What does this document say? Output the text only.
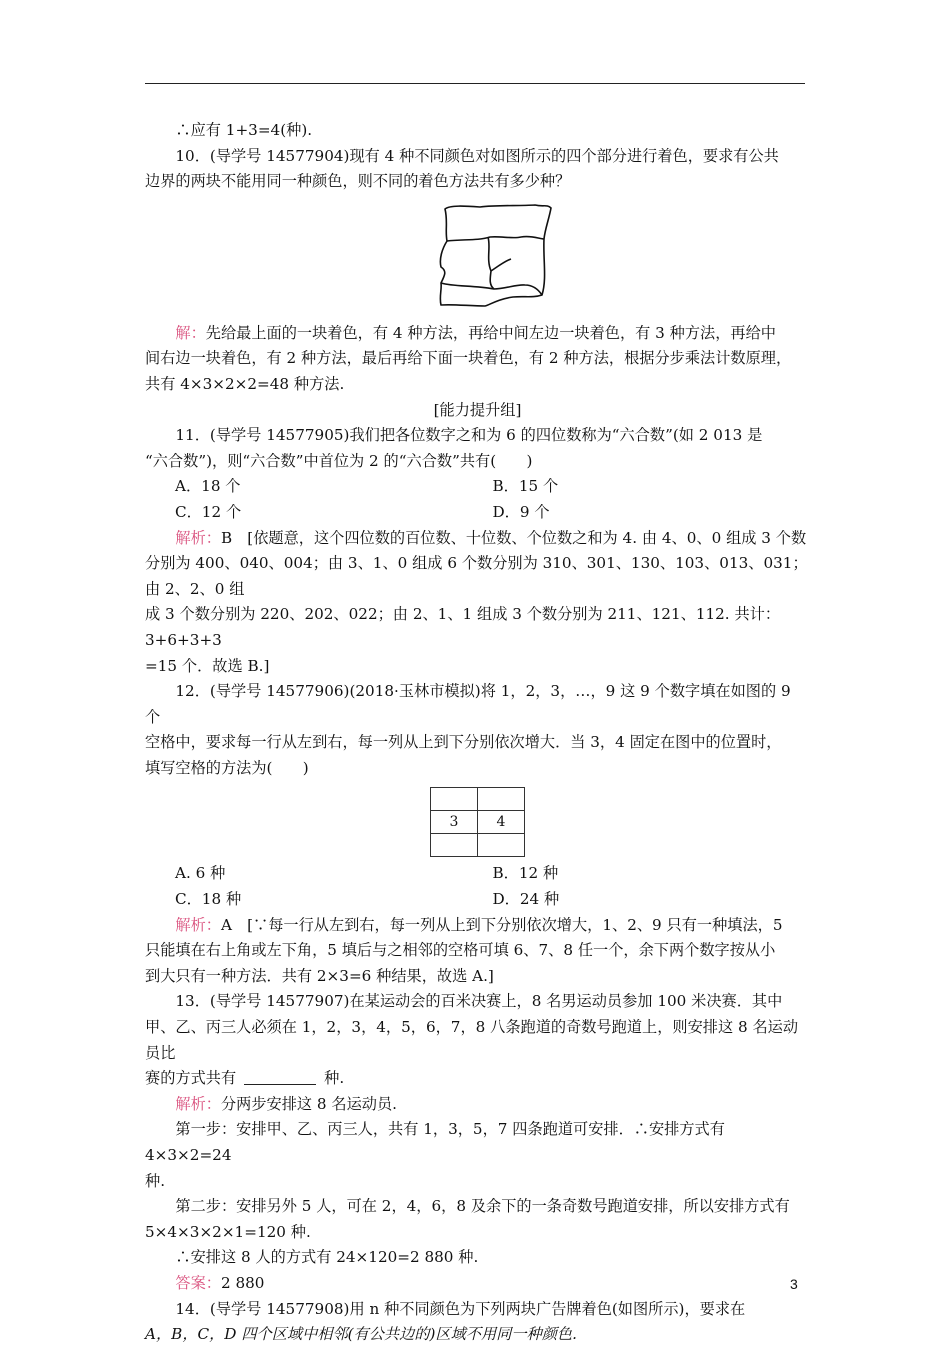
∴应有 1+3=4(种).

10．(导学号 14577904)现有 4 种不同颜色对如图所示的四个部分进行着色，要求有公共

边界的两块不能用同一种颜色，则不同的着色方法共有多少种？

解：先给最上面的一块着色，有 4 种方法，再给中间左边一块着色，有 3 种方法，再给中

间右边一块着色，有 2 种方法，最后再给下面一块着色，有 2 种方法，根据分步乘法计数原理，

共有 4×3×2×2=48 种方法.

[能力提升组]

11．(导学号 14577905)我们把各位数字之和为 6 的四位数称为“六合数”(如 2 013 是

“六合数”)，则“六合数”中首位为 2 的“六合数”共有(　　)

A．18 个	B．15 个
C．12 个	D．9 个

解析：B　[依题意，这个四位数的百位数、十位数、个位数之和为 4. 由 4、0、0 组成 3 个数

分别为 400、040、004；由 3、1、0 组成 6 个数分别为 310、301、130、103、013、031；由 2、2、0 组

成 3 个数分别为 220、202、022；由 2、1、1 组成 3 个数分别为 211、121、112. 共计：3+6+3+3

=15 个．故选 B.]

12．(导学号 14577906)(2018·玉林市模拟)将 1，2，3，…，9 这 9 个数字填在如图的 9 个

空格中，要求每一行从左到右，每一列从上到下分别依次增大．当 3，4 固定在图中的位置时，

填写空格的方法为(　　)

3	4

A. 6 种	B．12 种
C．18 种	D．24 种

解析：A　[∵每一行从左到右，每一列从上到下分别依次增大，1、2、9 只有一种填法，5

只能填在右上角或左下角，5 填后与之相邻的空格可填 6、7、8 任一个，余下两个数字按从小

到大只有一种方法．共有 2×3=6 种结果，故选 A.]

13．(导学号 14577907)在某运动会的百米决赛上，8 名男运动员参加 100 米决赛．其中

甲、乙、丙三人必须在 1，2，3，4，5，6，7，8 八条跑道的奇数号跑道上，则安排这 8 名运动员比

赛的方式共有	种.

解析：分两步安排这 8 名运动员.

第一步：安排甲、乙、丙三人，共有 1，3，5，7 四条跑道可安排．∴安排方式有 4×3×2=24

种.

第二步：安排另外 5 人，可在 2，4，6，8 及余下的一条奇数号跑道安排，所以安排方式有

5×4×3×2×1=120 种.

∴安排这 8 人的方式有 24×120=2 880 种.

答案：2 880

14．(导学号 14577908)用 n 种不同颜色为下列两块广告牌着色(如图所示)，要求在

A，B，C，D 四个区域中相邻(有公共边的)区域不用同一种颜色.

3
